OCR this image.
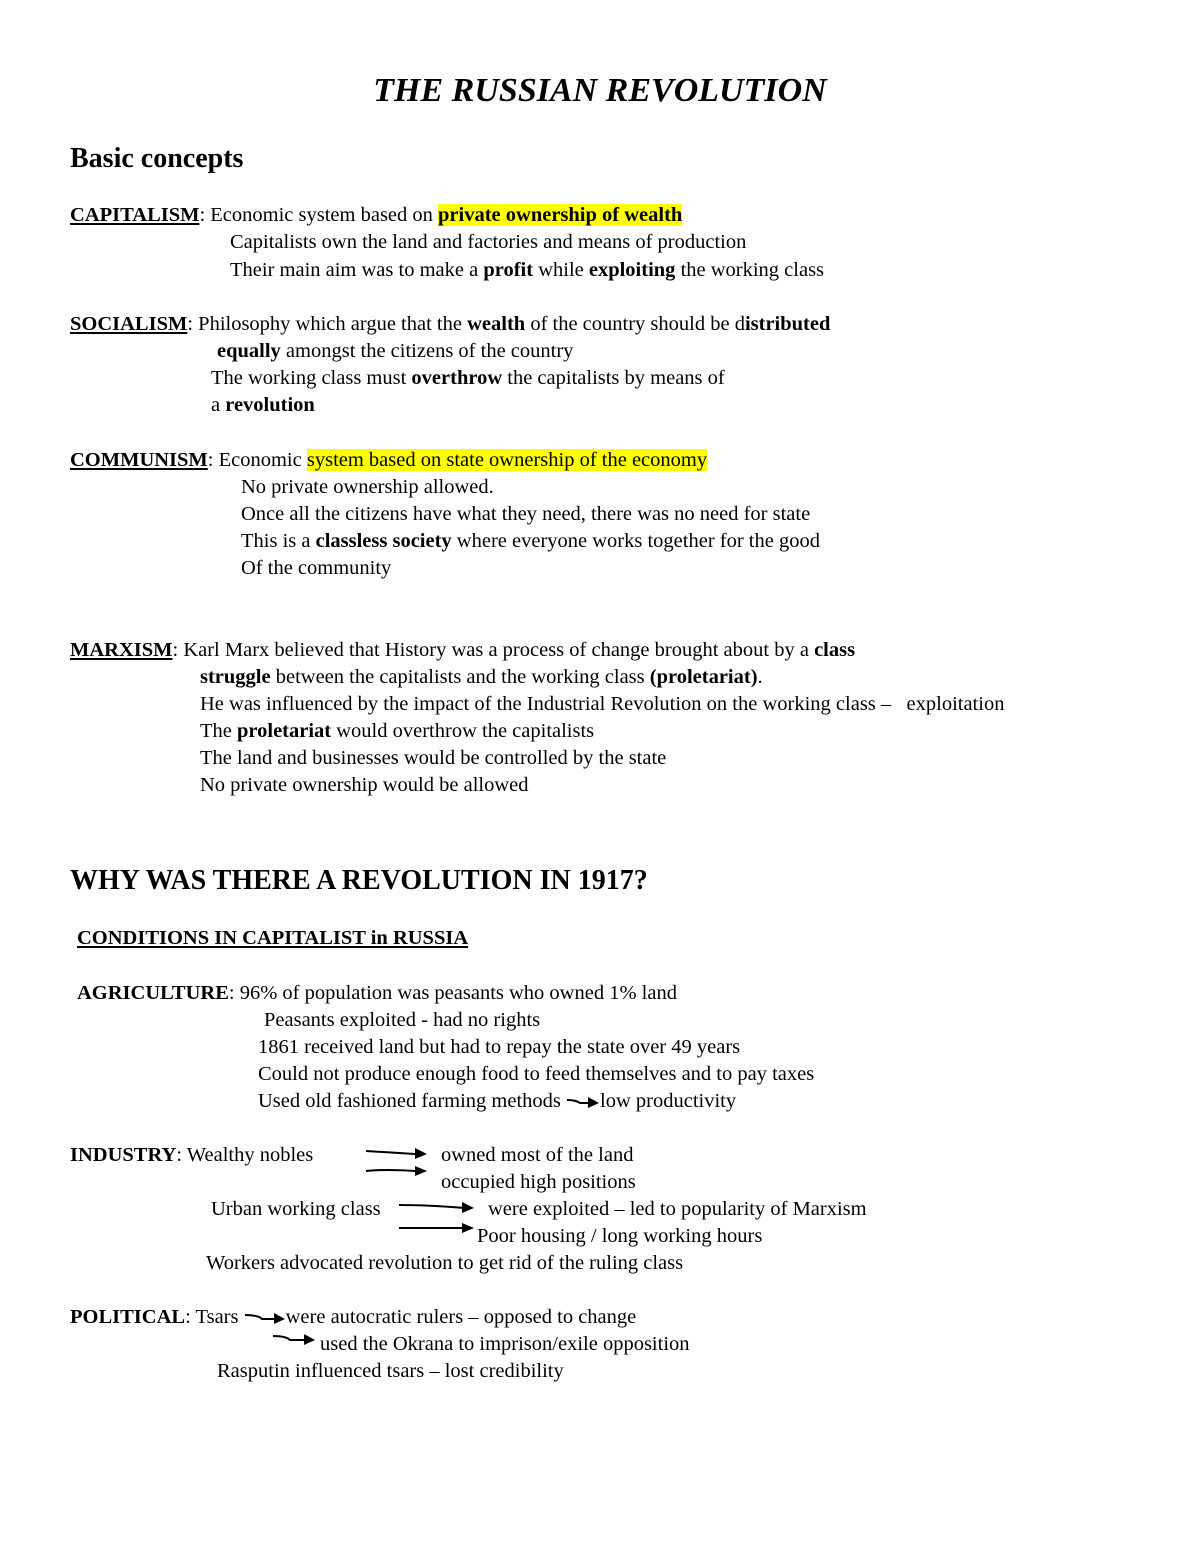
THE RUSSIAN REVOLUTION
Basic concepts
CAPITALISM: Economic system based on private ownership of wealth
Capitalists own the land and factories and means of production
Their main aim was to make a profit while exploiting the working class
SOCIALISM: Philosophy which argue that the wealth of the country should be distributed
equally amongst the citizens of the country
The working class must overthrow the capitalists by means of
a revolution
COMMUNISM: Economic system based on state ownership of the economy
No private ownership allowed.
Once all the citizens have what they need, there was no need for state
This is a classless society where everyone works together for the good
Of the community
MARXISM: Karl Marx believed that History was a process of change brought about by a class
struggle between the capitalists and the working class (proletariat).
He was influenced by the impact of the Industrial Revolution on the working class –   exploitation
The proletariat would overthrow the capitalists
The land and businesses would be controlled by the state
No private ownership would be allowed
WHY WAS THERE A REVOLUTION IN 1917?
CONDITIONS IN CAPITALIST in RUSSIA
AGRICULTURE: 96% of population was peasants who owned 1% land
Peasants exploited - had no rights
1861 received land but had to repay the state over 49 years
Could not produce enough food to feed themselves and to pay taxes
Used old fashioned farming methods low productivity
INDUSTRY: Wealthy nobles	owned most of the land
occupied high positions
Urban working class	were exploited – led to popularity of Marxism
Poor housing / long working hours
Workers advocated revolution to get rid of the ruling class
POLITICAL: Tsars were autocratic rulers – opposed to change
used the Okrana to imprison/exile opposition
Rasputin influenced tsars – lost credibility
